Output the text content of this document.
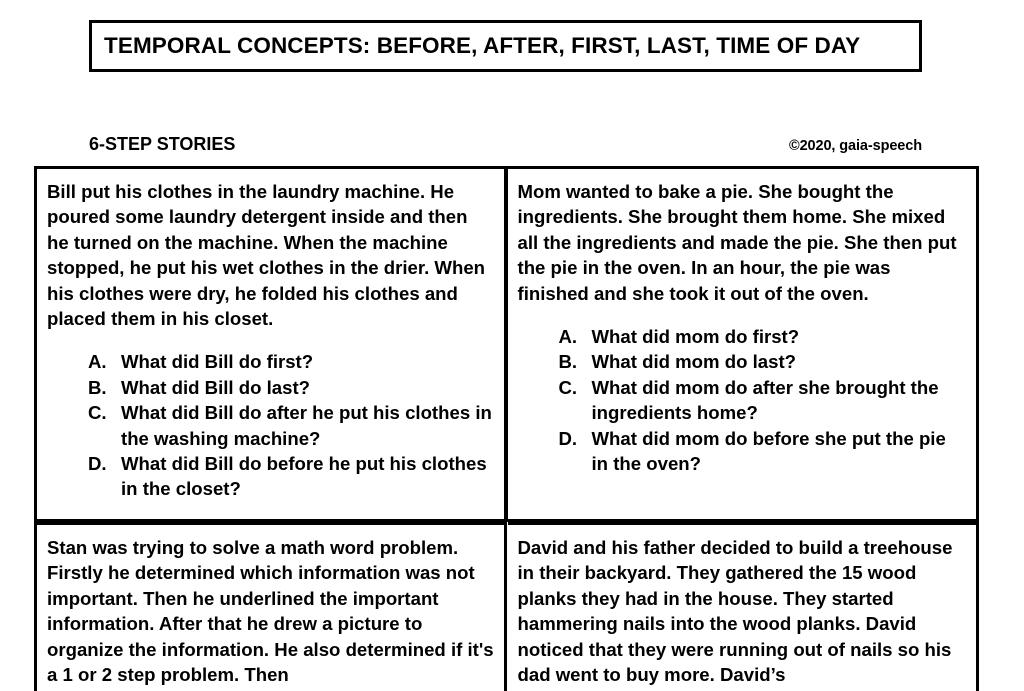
TEMPORAL CONCEPTS: BEFORE, AFTER, FIRST, LAST, TIME OF DAY
6-STEP STORIES	©2020, gaia-speech

Bill put his clothes in the laundry machine. He poured some laundry detergent inside and then he turned on the machine. When the machine stopped, he put his wet clothes in the drier. When his clothes were dry, he folded his clothes and placed them in his closet.

A. What did Bill do first?
B. What did Bill do last?
C. What did Bill do after he put his clothes in the washing machine?
D. What did Bill do before he put his clothes in the closet?

Mom wanted to bake a pie. She bought the ingredients. She brought them home. She mixed all the ingredients and made the pie. She then put the pie in the oven. In an hour, the pie was finished and she took it out of the oven.

A. What did mom do first?
B. What did mom do last?
C. What did mom do after she brought the ingredients home?
D. What did mom do before she put the pie in the oven?

Stan was trying to solve a math word problem. Firstly he determined which information was not important. Then he underlined the important information. After that he drew a picture to organize the information. He also determined if it's a 1 or 2 step problem. Then

David and his father decided to build a treehouse in their backyard. They gathered the 15 wood planks they had in the house. They started hammering nails into the wood planks. David noticed that they were running out of nails so his dad went to buy more. David’s
